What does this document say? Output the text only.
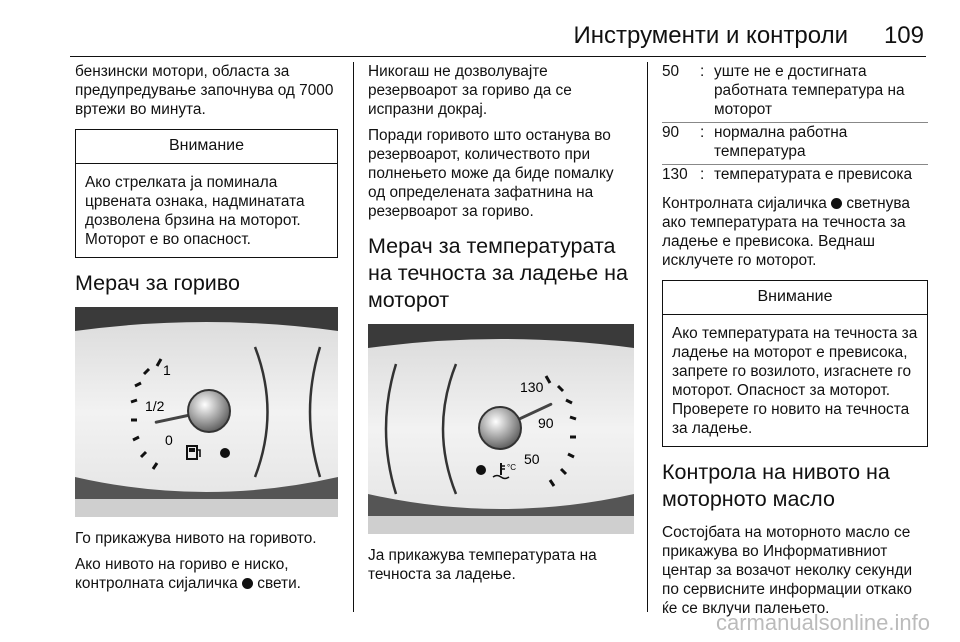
Инструменти и контроли 109

бензински мотори, областа за предупредување започнува од 7000 вртежи во минута.

Внимание
Ако стрелката ја поминала црвената ознака, надминатата дозволена брзина на моторот. Моторот е во опасност.
Мерач за гориво
1
1/2
0

Го прикажува нивото на горивото.

Ако нивото на гориво е ниско, контролната сијаличка свети.

Никогаш не дозволувајте резервоарот за гориво да се испразни докрај.

Поради горивото што останува во резервоарот, количеството при полнењето може да биде помалку од определената зафатнина на резервоарот за гориво.

Мерач за температурата на течноста за ладење на моторот
130
90
50
°C

Ја прикажува температурата на течноста за ладење.

50	:	уште не е достигната работната температура на моторот
90	:	нормална работна температура
130	:	температурата е превисока

Контролната сијаличка светнува ако температурата на течноста за ладење е превисока. Веднаш исклучете го моторот.

Внимание
Ако температурата на течноста за ладење на моторот е превисока, запрете го возилото, изгаснете го моторот. Опасност за моторот. Проверете го новито на течноста за ладење.
Контрола на нивото на моторното масло

Состојбата на моторното масло се прикажува во Информативниот центар за возачот неколку секунди по сервисните информации откако ќе се вклучи палењето.

carmanualsonline.info
